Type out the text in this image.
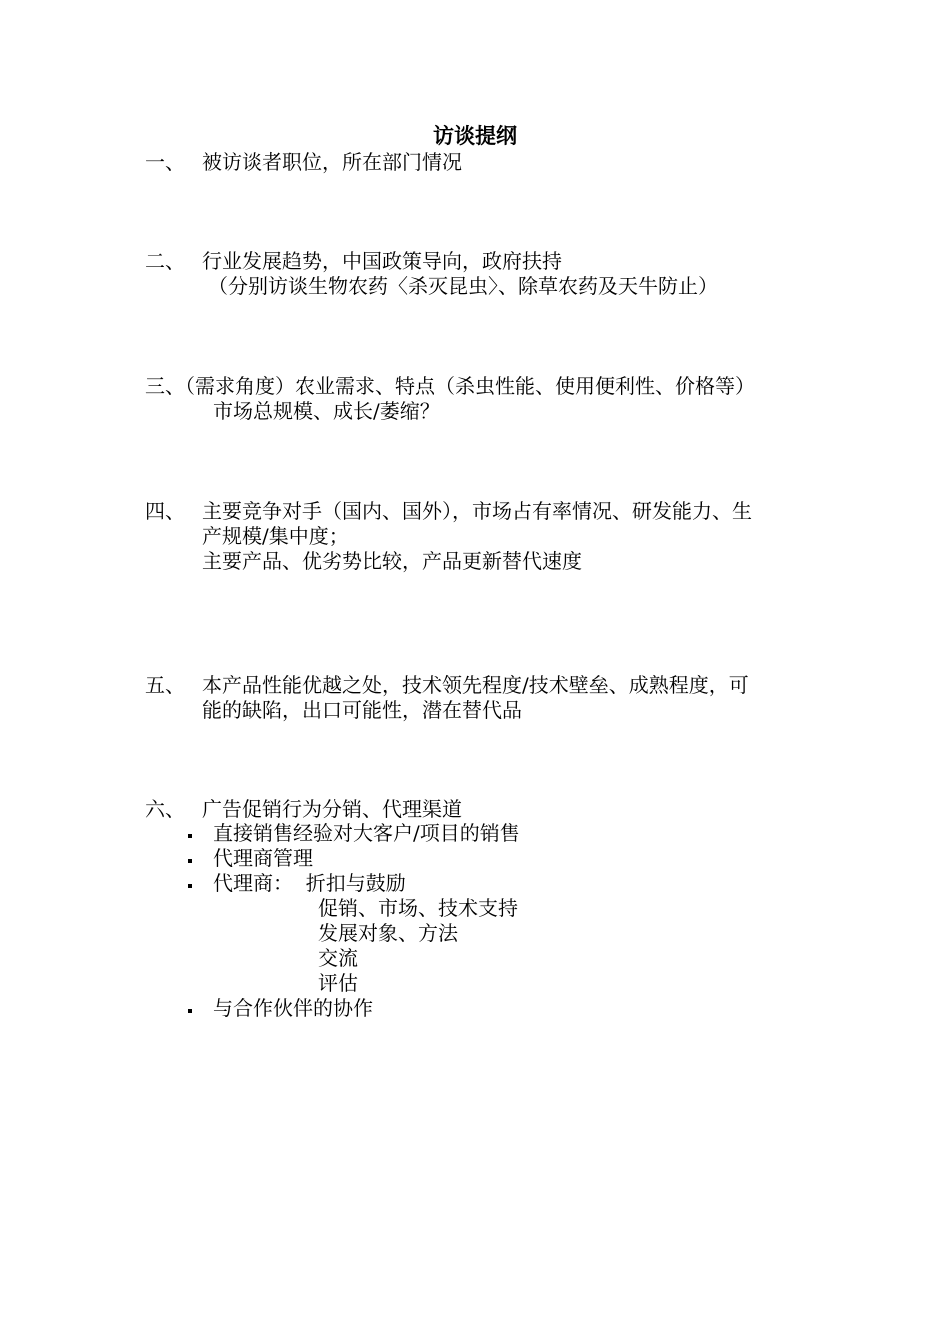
访谈提纲
一、 被访谈者职位，所在部门情况
二、 行业发展趋势，中国政策导向，政府扶持
（分别访谈生物农药〈杀灭昆虫〉、除草农药及天牛防止）
三、（需求角度）农业需求、特点（杀虫性能、使用便利性、价格等）
市场总规模、成长/萎缩？
四、 主要竞争对手（国内、国外），市场占有率情况、研发能力、生
产规模/集中度；
主要产品、优劣势比较，产品更新替代速度
五、 本产品性能优越之处，技术领先程度/技术壁垒、成熟程度，可
能的缺陷，出口可能性，潜在替代品
六、 广告促销行为分销、代理渠道
直接销售经验对大客户/项目的销售
代理商管理
代理商：  折扣与鼓励
与合作伙伴的协作
促销、市场、技术支持
发展对象、方法
交流
评估
